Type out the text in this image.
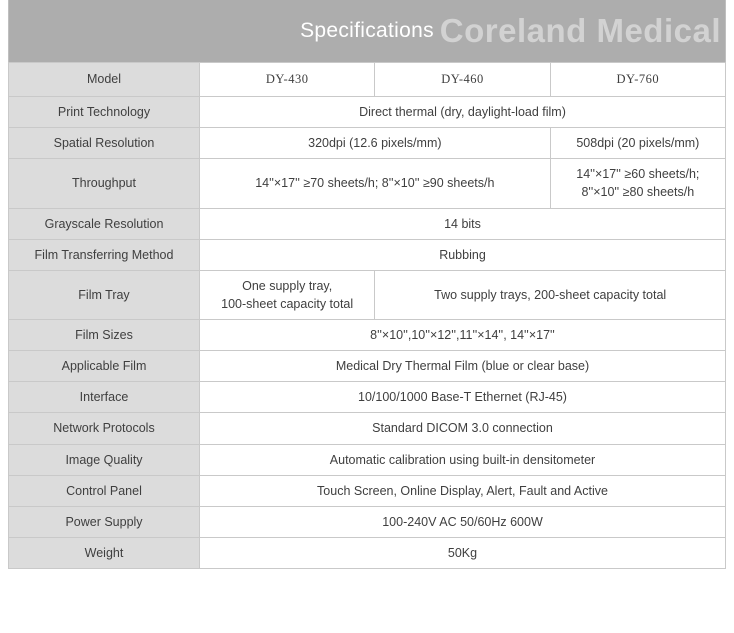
Coreland Medical
Specifications
Model	DY-430	DY-460	DY-760
Print Technology	Direct thermal (dry, daylight-load film)		
Spatial Resolution	320dpi (12.6 pixels/mm)		508dpi (20 pixels/mm)
Throughput	14''×17'' ≥70 sheets/h; 8''×10'' ≥90 sheets/h		14''×17'' ≥60 sheets/h;
8''×10'' ≥80 sheets/h

Grayscale Resolution	14 bits		
Film Transferring Method	Rubbing		
Film Tray	One supply tray,
100-sheet capacity total	Two supply trays, 200-sheet capacity total	
Film Sizes	8''×10'',10''×12'',11''×14'', 14''×17''		
Applicable Film	Medical Dry Thermal Film (blue or clear base)		
Interface	10/100/1000 Base-T Ethernet (RJ-45)		
Network Protocols	Standard DICOM 3.0 connection		
Image Quality	Automatic calibration using built-in densitometer		
Control Panel	Touch Screen, Online Display, Alert, Fault and Active		
Power Supply	100-240V AC 50/60Hz 600W		
Weight	50Kg		
